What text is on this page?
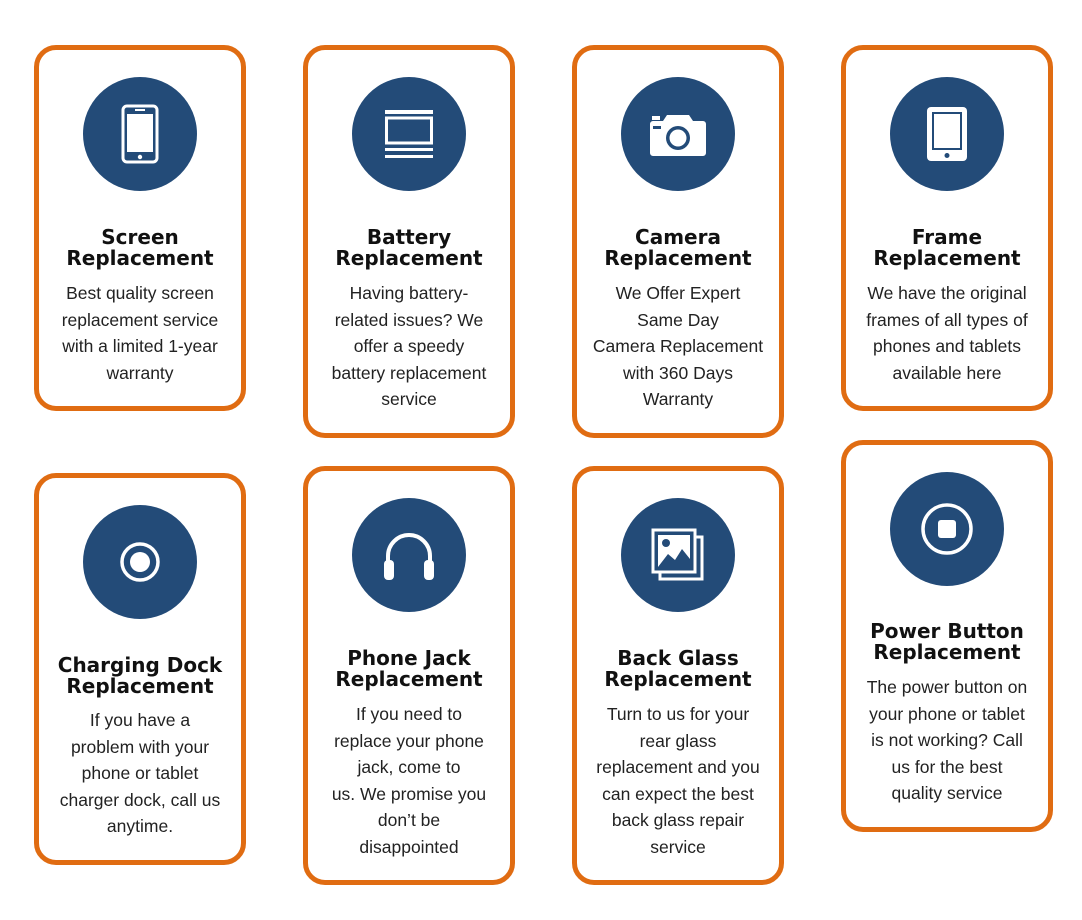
Screen
Replacement
Best quality screen
replacement service
with a limited 1-year
warranty
Battery
Replacement
Having battery-
related issues? We
offer a speedy
battery replacement
service
Camera
Replacement
We Offer Expert
Same Day
Camera Replacement
with 360 Days
Warranty
Frame
Replacement
We have the original
frames of all types of
phones and tablets
available here
Charging Dock
Replacement
If you have a
problem with your
phone or tablet
charger dock, call us
anytime.
Phone Jack
Replacement
If you need to
replace your phone
jack, come to
us. We promise you
don’t be
disappointed
Back Glass
Replacement
Turn to us for your
rear glass
replacement and you
can expect the best
back glass repair
service
Power Button
Replacement
The power button on
your phone or tablet
is not working? Call
us for the best
quality service
